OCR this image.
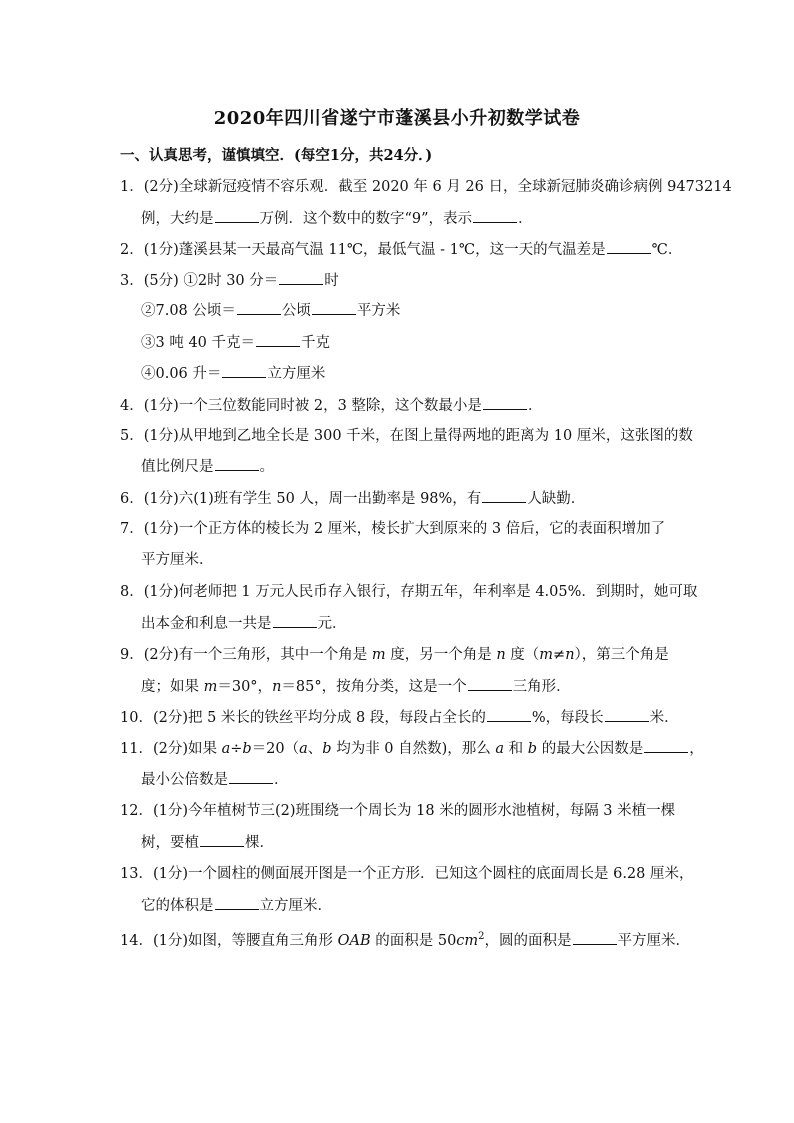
2020年四川省遂宁市蓬溪县小升初数学试卷
一、认真思考，谨慎填空．(每空1分，共24分．)
1．(2分)全球新冠疫情不容乐观．截至 2020 年 6 月 26 日，全球新冠肺炎确诊病例 9473214
例，大约是	万例．这个数中的数字“9”，表示	．
2．(1分)蓬溪县某一天最高气温 11℃，最低气温 - 1℃，这一天的气温差是	℃．
3．(5分) ①2时 30 分＝	时
②7.08 公顷＝	公顷	平方米
③3 吨 40 千克＝	千克
④0.06 升＝	立方厘米
4．(1分)一个三位数能同时被 2，3 整除，这个数最小是	．
5．(1分)从甲地到乙地全长是 300 千米，在图上量得两地的距离为 10 厘米，这张图的数
值比例尺是	。
6．(1分)六(1)班有学生 50 人，周一出勤率是 98%，有	人缺勤．
7．(1分)一个正方体的棱长为 2 厘米，棱长扩大到原来的 3 倍后，它的表面积增加了
平方厘米．
8．(1分)何老师把 1 万元人民币存入银行，存期五年，年利率是 4.05%．到期时，她可取
出本金和利息一共是	元．
9．(2分)有一个三角形，其中一个角是 m 度，另一个角是 n 度（m≠n），第三个角是
度；如果 m＝30°，n＝85°，按角分类，这是一个	三角形．
10．(2分)把 5 米长的铁丝平均分成 8 段，每段占全长的	%，每段长	米．
11．(2分)如果 a÷b＝20（a、b 均为非 0 自然数)，那么 a 和 b 的最大公因数是	，
最小公倍数是	．
12．(1分)今年植树节三(2)班围绕一个周长为 18 米的圆形水池植树，每隔 3 米植一棵
树，要植	棵．
13．(1分)一个圆柱的侧面展开图是一个正方形．已知这个圆柱的底面周长是 6.28 厘米，
它的体积是	立方厘米．
14．(1分)如图，等腰直角三角形 OAB 的面积是 $50cm^2$，圆的面积是	平方厘米．
